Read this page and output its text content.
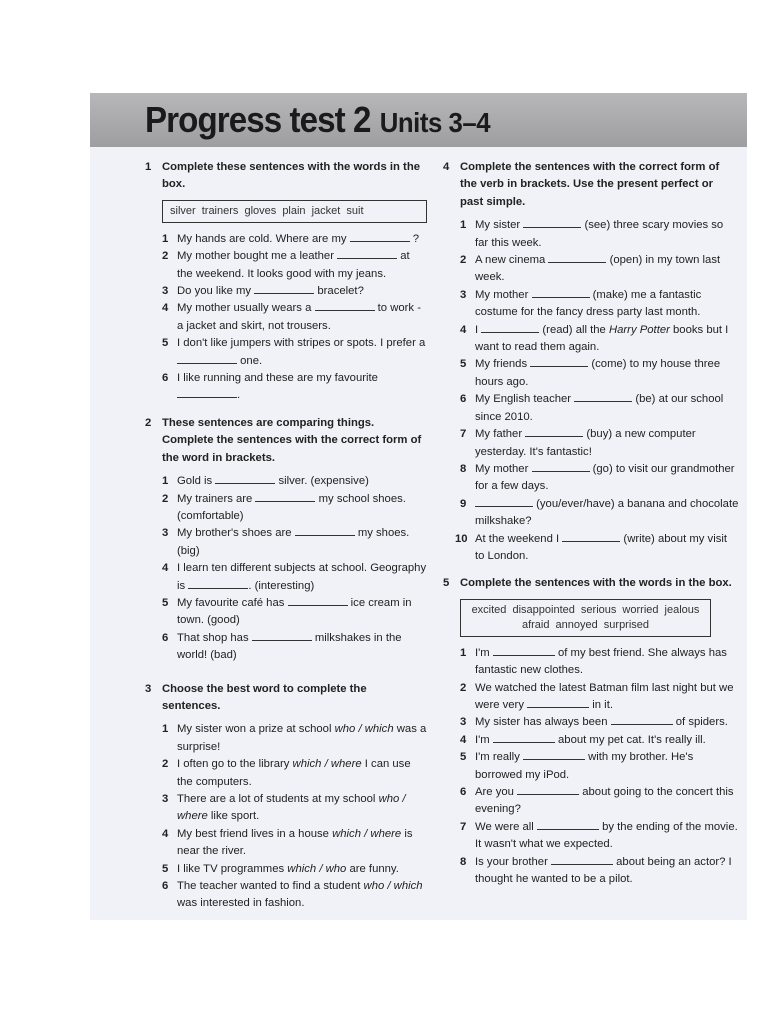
Progress test 2 Units 3–4
1 Complete these sentences with the words in the box.
silver trainers gloves plain jacket suit
1 My hands are cold. Where are my	?
2 My mother bought me a leather	at the weekend. It looks good with my jeans.
3 Do you like my	bracelet?
4 My mother usually wears a	to work - a jacket and skirt, not trousers.
5 I don't like jumpers with stripes or spots. I prefer a  one.
6 I like running and these are my favourite .
2 These sentences are comparing things. Complete the sentences with the correct form of the word in brackets.
1 Gold is	silver. (expensive)
2 My trainers are	my school shoes. (comfortable)
3 My brother's shoes are	my shoes. (big)
4 I learn ten different subjects at school. Geography is	. (interesting)
5 My favourite café has	ice cream in town. (good)
6 That shop has	milkshakes in the world! (bad)
3 Choose the best word to complete the sentences.
1 My sister won a prize at school who / which was a surprise!
2 I often go to the library which / where I can use the computers.
3 There are a lot of students at my school who / where like sport.
4 My best friend lives in a house which / where is near the river.
5 I like TV programmes which / who are funny.
6 The teacher wanted to find a student who / which was interested in fashion.
4 Complete the sentences with the correct form of the verb in brackets. Use the present perfect or past simple.
1 My sister	(see) three scary movies so far this week.
2 A new cinema	(open) in my town last week.
3 My mother	(make) me a fantastic costume for the fancy dress party last month.
4 I	(read) all the Harry Potter books but I want to read them again.
5 My friends	(come) to my house three hours ago.
6 My English teacher	(be) at our school since 2010.
7 My father	(buy) a new computer yesterday. It's fantastic!
8 My mother	(go) to visit our grandmother for a few days.
9	(you/ever/have) a banana and chocolate milkshake?
10 At the weekend I	(write) about my visit to London.
5 Complete the sentences with the words in the box.
excited disappointed serious worried jealous afraid annoyed surprised
1 I'm	of my best friend. She always has fantastic new clothes.
2 We watched the latest Batman film last night but we were very	in it.
3 My sister has always been	of spiders.
4 I'm	about my pet cat. It's really ill.
5 I'm really	with my brother. He's borrowed my iPod.
6 Are you	about going to the concert this evening?
7 We were all	by the ending of the movie. It wasn't what we expected.
8 Is your brother	about being an actor? I thought he wanted to be a pilot.
